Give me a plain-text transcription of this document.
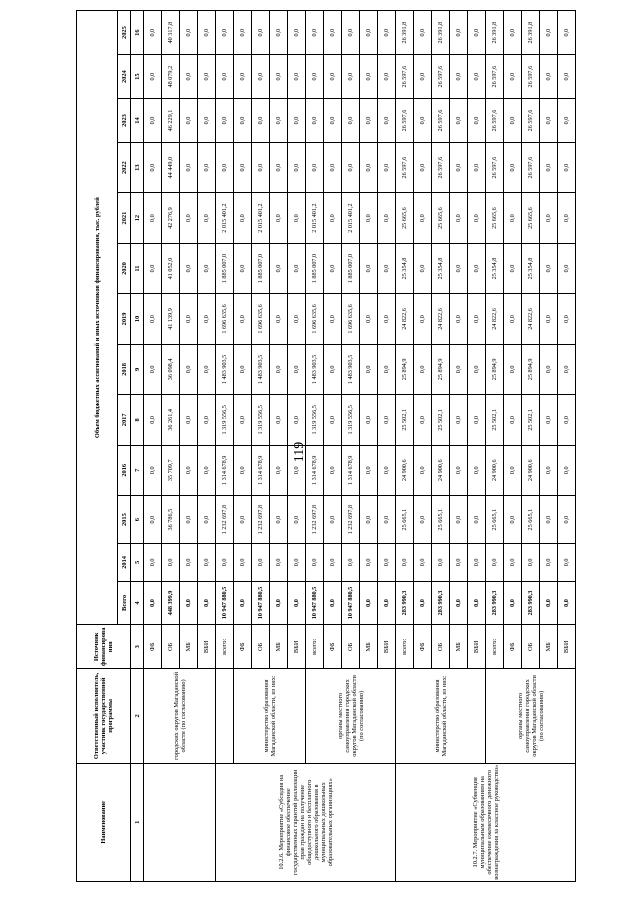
119
Наименование	Ответственный исполнитель, участник государственной программы	Источник финансирования	Объем бюджетных ассигнований и иных источников финансирования, тыс. рублей												
			Всего	2014	2015	2016	2017	2018	2019	2020	2021	2022	2023	2024	2025
1	2	3	4	5	6	7	8	9	10	11	12	13	14	15	16
	городских округов Магаданской области (по согласованию)	ФБ	0,0	0,0	0,0	0,0	0,0	0,0	0,0	0,0	0,0	0,0	0,0	0,0	0,0
		ОБ	448 399,9	0,0	36 786,5	35 709,7	36 261,4	36 098,4	41 139,9	41 052,0	42 276,9	44 449,0	46 229,1	48 079,2	40 317,8
		МБ	0,0	0,0	0,0	0,0	0,0	0,0	0,0	0,0	0,0	0,0	0,0	0,0	0,0
		ВБИ	0,0	0,0	0,0	0,0	0,0	0,0	0,0	0,0	0,0	0,0	0,0	0,0	0,0
10.2.6. Мероприятие «Субсидия на финансовое обеспечение государственных гарантий реализации прав граждан на получение общедоступного и бесплатного дошкольного образования в муниципальных дошкольных образовательных организациях»		всего:	10 947 880,5	0,0	1 232 697,8	1 314 678,9	1 319 556,5	1 483 903,5	1 696 635,6	1 885 007,0	2 015 401,2	0,0	0,0	0,0	0,0
	министерство образования Магаданской области, из них:	ФБ	0,0	0,0	0,0	0,0	0,0	0,0	0,0	0,0	0,0	0,0	0,0	0,0	0,0
		ОБ	10 947 880,5	0,0	1 232 697,8	1 314 678,9	1 319 556,5	1 483 903,5	1 696 635,6	1 885 007,0	2 015 401,2	0,0	0,0	0,0	0,0
		МБ	0,0	0,0	0,0	0,0	0,0	0,0	0,0	0,0	0,0	0,0	0,0	0,0	0,0
		ВБИ	0,0	0,0	0,0	0,0	0,0	0,0	0,0	0,0	0,0	0,0	0,0	0,0	0,0
	органы местного самоуправления городских округов Магаданской области (по согласованию)	всего:	10 947 880,5	0,0	1 232 697,8	1 314 678,9	1 319 556,5	1 483 903,5	1 696 635,6	1 885 007,0	2 015 401,2	0,0	0,0	0,0	0,0
		ФБ	0,0	0,0	0,0	0,0	0,0	0,0	0,0	0,0	0,0	0,0	0,0	0,0	0,0
		ОБ	10 947 880,5	0,0	1 232 697,8	1 314 678,9	1 319 556,5	1 483 903,5	1 696 635,6	1 885 007,0	2 015 401,2	0,0	0,0	0,0	0,0
		МБ	0,0	0,0	0,0	0,0	0,0	0,0	0,0	0,0	0,0	0,0	0,0	0,0	0,0
		ВБИ	0,0	0,0	0,0	0,0	0,0	0,0	0,0	0,0	0,0	0,0	0,0	0,0	0,0
10.2.7. Мероприятие «Субвенция муниципальным образованиям на обеспечение ежемесячного денежного вознаграждения за классное руководство»	министерство образования Магаданской области, из них:	всего:	283 990,3	0,0	25 665,1	24 900,6	25 502,1	25 894,9	24 822,6	25 354,8	25 665,6	26 597,6	26 597,6	26 597,6	26 391,8
		ФБ	0,0	0,0	0,0	0,0	0,0	0,0	0,0	0,0	0,0	0,0	0,0	0,0	0,0
		ОБ	283 990,3	0,0	25 665,1	24 900,6	25 502,1	25 894,9	24 822,6	25 354,8	25 665,6	26 597,6	26 597,6	26 597,6	26 391,8
		МБ	0,0	0,0	0,0	0,0	0,0	0,0	0,0	0,0	0,0	0,0	0,0	0,0	0,0
		ВБИ	0,0	0,0	0,0	0,0	0,0	0,0	0,0	0,0	0,0	0,0	0,0	0,0	0,0
	органы местного самоуправления городских округов Магаданской области (по согласованию)	всего:	283 990,3	0,0	25 665,1	24 900,6	25 502,1	25 894,9	24 822,6	25 354,8	25 665,6	26 597,6	26 597,6	26 597,6	26 391,8
		ФБ	0,0	0,0	0,0	0,0	0,0	0,0	0,0	0,0	0,0	0,0	0,0	0,0	0,0
		ОБ	283 990,3	0,0	25 665,1	24 900,6	25 502,1	25 894,9	24 822,6	25 354,8	25 665,6	26 597,6	26 597,6	26 597,6	26 391,8
		МБ	0,0	0,0	0,0	0,0	0,0	0,0	0,0	0,0	0,0	0,0	0,0	0,0	0,0
		ВБИ	0,0	0,0	0,0	0,0	0,0	0,0	0,0	0,0	0,0	0,0	0,0	0,0	0,0
